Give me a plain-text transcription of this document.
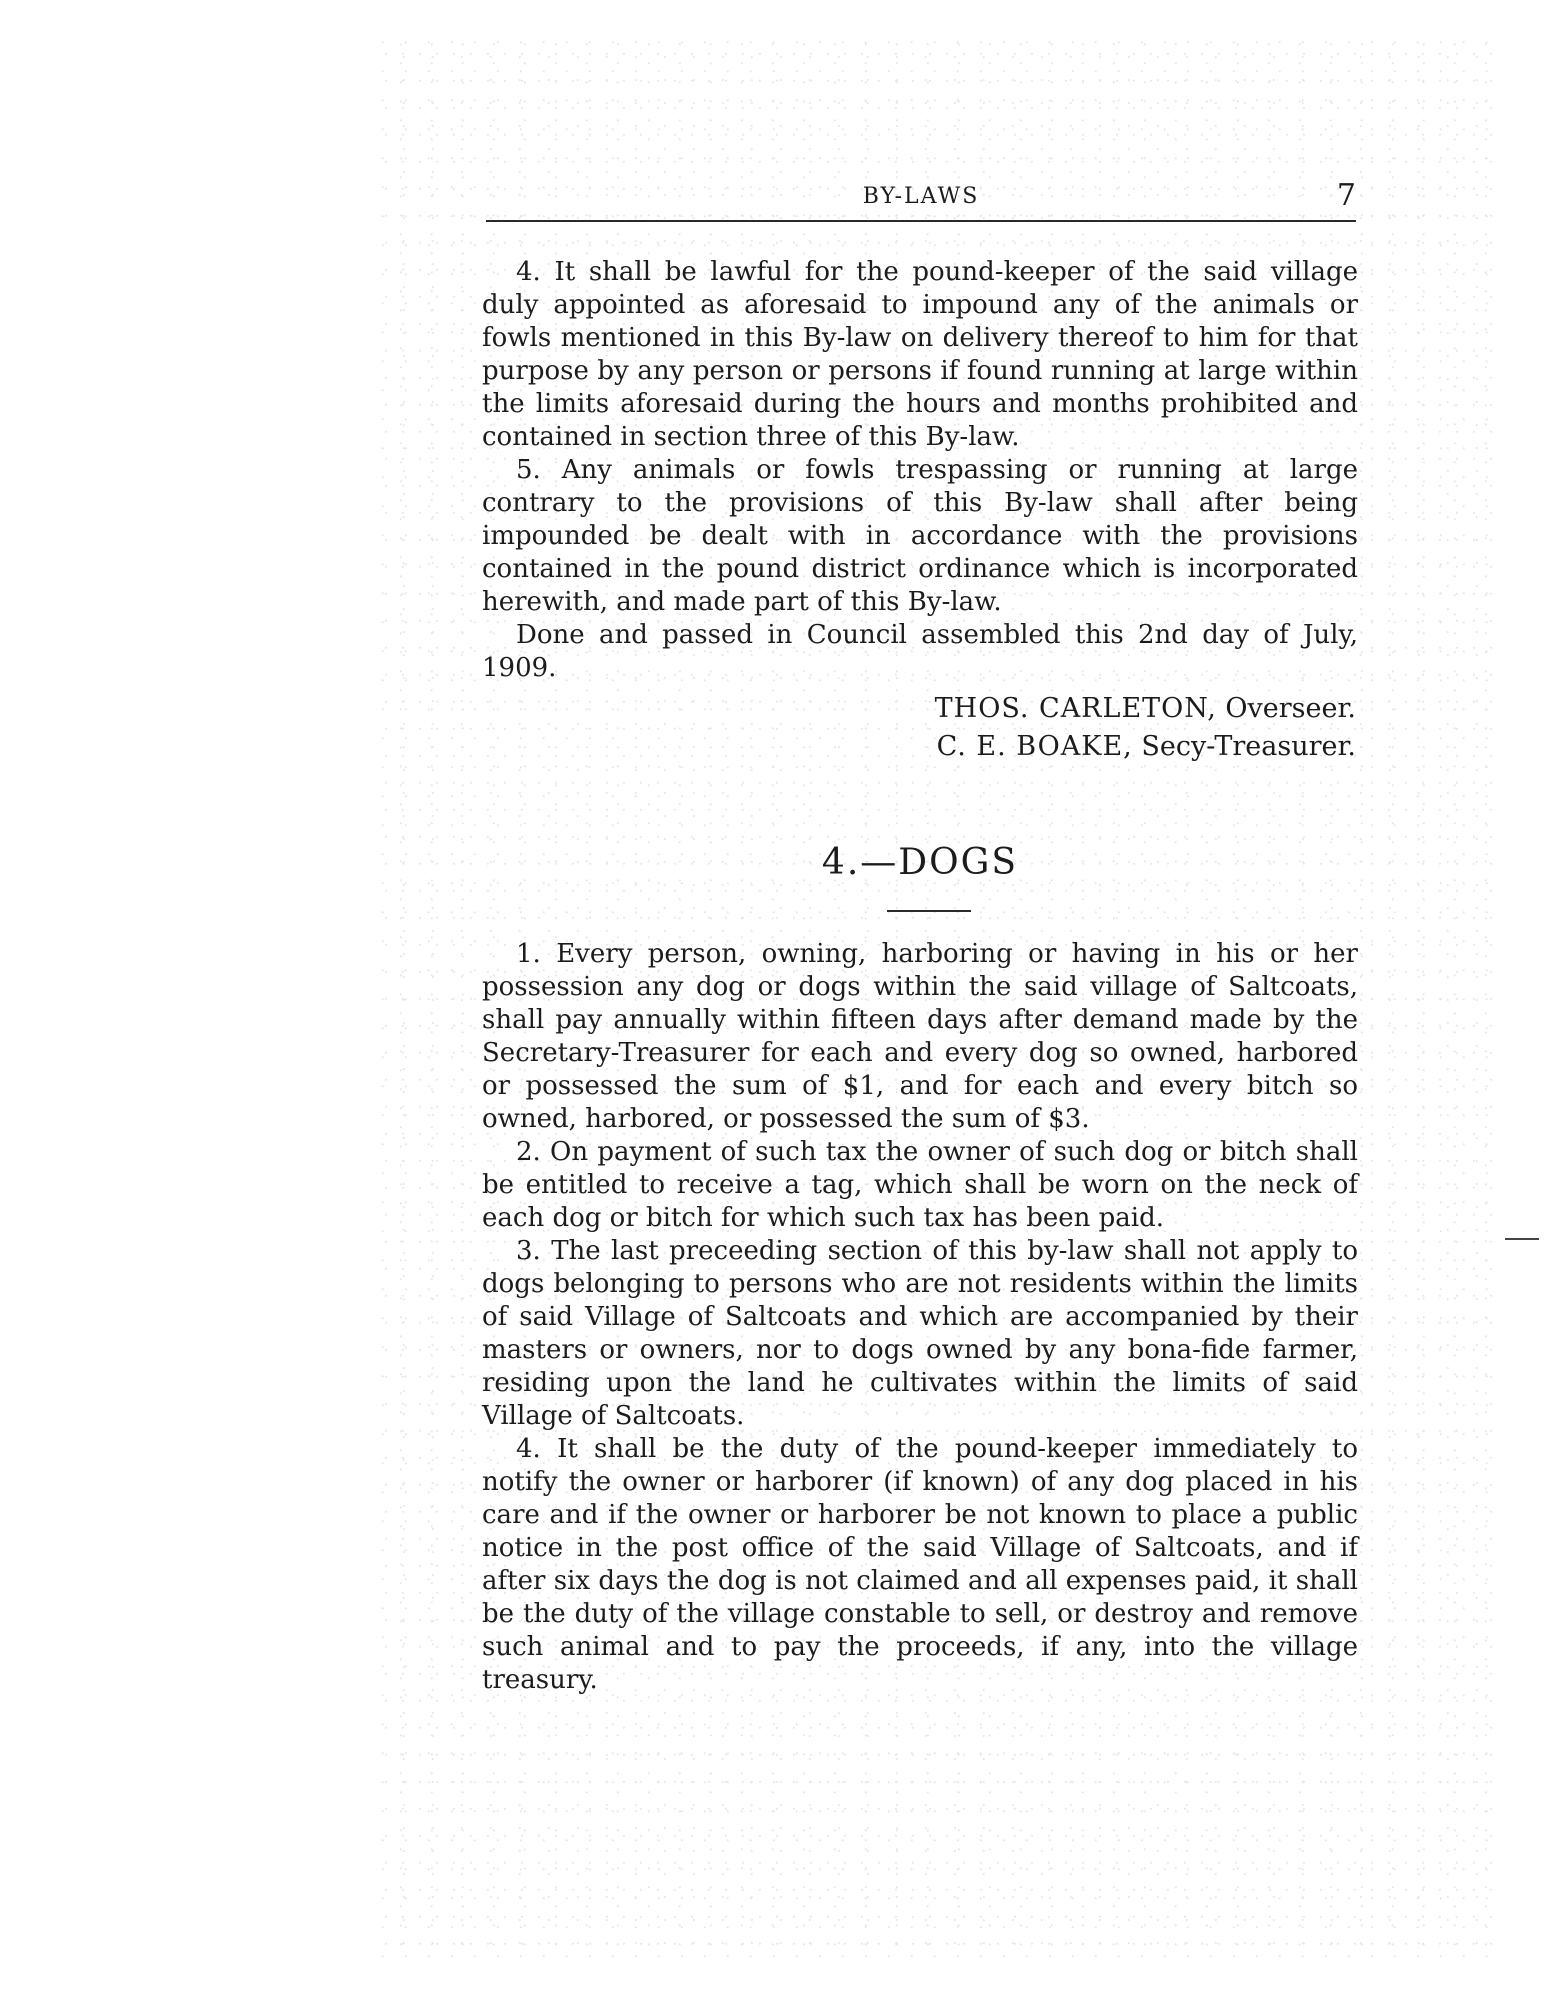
BY-LAWS	7

4. It shall be lawful for the pound-keeper of the said village duly appointed as aforesaid to impound any of the animals or fowls mentioned in this By-law on delivery thereof to him for that purpose by any person or persons if found running at large within the limits aforesaid during the hours and months prohibited and contained in section three of this By-law.

5. Any animals or fowls trespassing or running at large contrary to the provisions of this By-law shall after being impounded be dealt with in accordance with the provisions contained in the pound district ordinance which is incorporated herewith, and made part of this By-law.

Done and passed in Council assembled this 2nd day of July, 1909.

THOS. CARLETON, Overseer.
C. E. BOAKE, Secy-Treasurer.
4.—DOGS

1. Every person, owning, harboring or having in his or her possession any dog or dogs within the said village of Saltcoats, shall pay annually within fifteen days after demand made by the Secretary-Treasurer for each and every dog so owned, harbored or possessed the sum of $1, and for each and every bitch so owned, harbored, or possessed the sum of $3.

2. On payment of such tax the owner of such dog or bitch shall be entitled to receive a tag, which shall be worn on the neck of each dog or bitch for which such tax has been paid.

3. The last preceeding section of this by-law shall not apply to dogs belonging to persons who are not residents within the limits of said Village of Saltcoats and which are accompanied by their masters or owners, nor to dogs owned by any bona-fide farmer, residing upon the land he cultivates within the limits of said Village of Saltcoats.

4. It shall be the duty of the pound-keeper immediately to notify the owner or harborer (if known) of any dog placed in his care and if the owner or harborer be not known to place a public notice in the post office of the said Village of Saltcoats, and if after six days the dog is not claimed and all expenses paid, it shall be the duty of the village constable to sell, or destroy and remove such animal and to pay the proceeds, if any, into the village treasury.
